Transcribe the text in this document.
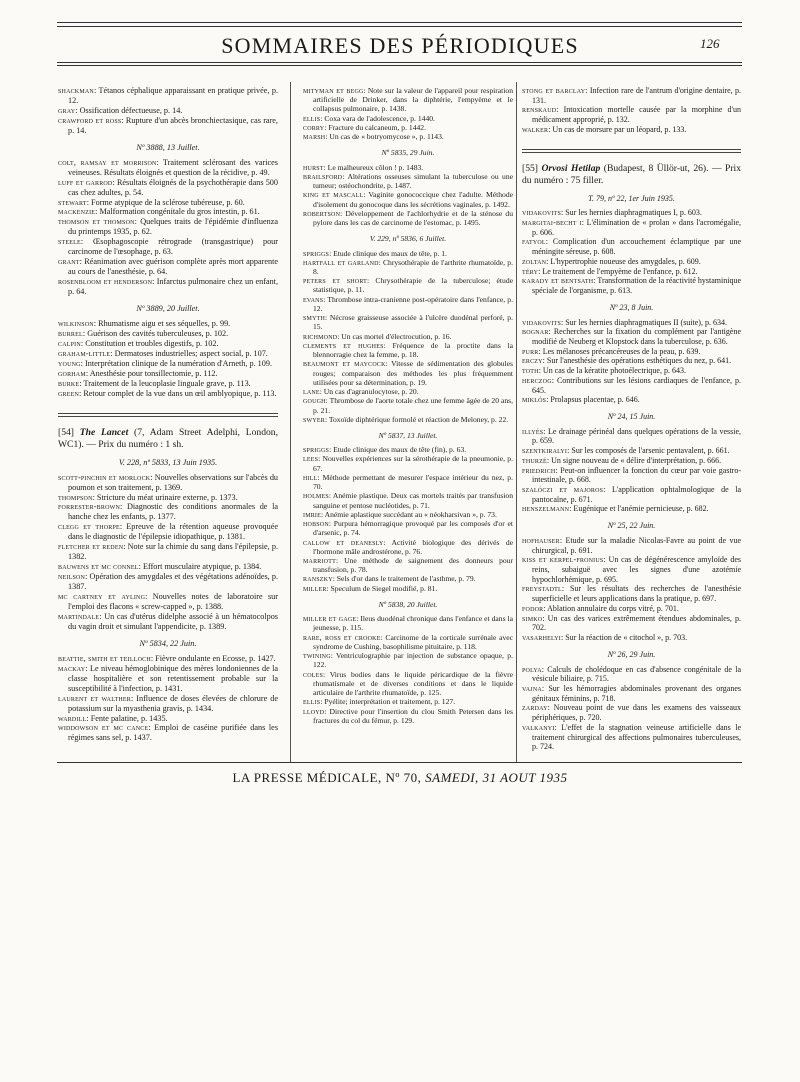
SOMMAIRES DES PÉRIODIQUES	126

shackman: Tétanos céphalique apparaissant en pratique privée, p. 12.

gray: Ossification défectueuse, p. 14.

crawford et ross: Rupture d'un abcès bronchiectasique, cas rare, p. 14.

Nº 3888, 13 Juillet.

colt, ramsay et morrison: Traitement sclérosant des varices veineuses. Résultats éloignés et question de la récidive, p. 49.

luff et garrod: Résultats éloignés de la psychothérapie dans 500 cas chez adultes, p. 54.

stewart: Forme atypique de la sclérose tubéreuse, p. 60.

mackenzie: Malformation congénitale du gros intestin, p. 61.

thomson et thomson: Quelques traits de l'épidémie d'influenza du printemps 1935, p. 62.

steele: Œsophagoscopie rétrograde (transgastrique) pour carcinome de l'œsophage, p. 63.

grant: Réanimation avec guérison complète après mort apparente au cours de l'anesthésie, p. 64.

rosenbloom et henderson: Infarctus pulmonaire chez un enfant, p. 64.

Nº 3889, 20 Juillet.

wilkinson: Rhumatisme aigu et ses séquelles, p. 99.

burrel: Guérison des cavités tuberculeuses, p. 102.

calpin: Constitution et troubles digestifs, p. 102.

graham-little: Dermatoses industrielles; aspect social, p. 107.

young: Interprétation clinique de la numération d'Arneth, p. 109.

gorham: Anesthésie pour tonsillectomie, p. 112.

burke: Traitement de la leucoplasie linguale grave, p. 113.

green: Retour complet de la vue dans un œil amblyopique, p. 113.

[54] The Lancet (7, Adam Street Adelphi, London, WC1). — Prix du numéro : 1 sh.
V. 228, nº 5833, 13 Juin 1935.

scott-pinchin et morlock: Nouvelles observations sur l'abcès du poumon et son traitement, p. 1369.

thompson: Stricture du méat urinaire externe, p. 1373.

forrester-brown: Diagnostic des conditions anormales de la hanche chez les enfants, p. 1377.

clegg et thorpe: Epreuve de la rétention aqueuse provoquée dans le diagnostic de l'épilepsie idiopathique, p. 1381.

fletcher et reden: Note sur la chimie du sang dans l'épilepsie, p. 1382.

bauwens et mc connel: Effort musculaire atypique, p. 1384.

neilson: Opération des amygdales et des végétations adénoïdes, p. 1387.

mc cartney et ayling: Nouvelles notes de laboratoire sur l'emploi des flacons « screw-capped », p. 1388.

martindale: Un cas d'utérus didelphe associé à un hématocolpos du vagin droit et simulant l'appendicite, p. 1389.

Nº 5834, 22 Juin.

beattie, smith et teilloch: Fièvre ondulante en Ecosse, p. 1427.

mackay: Le niveau hémoglobinique des mères londoniennes de la classe hospitalière et son retentissement probable sur la susceptibilité à l'infection, p. 1431.

laurent et walther: Influence de doses élevées de chlorure de potassium sur la myasthenia gravis, p. 1434.

wardill: Fente palatine, p. 1435.

widdowson et mc cance: Emploi de caséine purifiée dans les régimes sans sel, p. 1437.

mityman et begg: Note sur la valeur de l'appareil pour respiration artificielle de Drinker, dans la diphtérie, l'empyème et le collapsus pulmonaire, p. 1438.

ellis: Coxa vara de l'adolescence, p. 1440.

corry: Fracture du calcaneum, p. 1442.

marsh: Un cas de « botryomycose », p. 1143.

Nº 5835, 29 Juin.

hurst: Le malheureux côlon ! p. 1483.

brailsford: Altérations osseuses simulant la tuberculose ou une tumeur; ostéochondrite, p. 1487.

king et mascall: Vaginite gonococcique chez l'adulte. Méthode d'isolement du gonocoque dans les sécrétions vaginales, p. 1492.

robertson: Développement de l'achlorhydrie et de la sténose du pylore dans les cas de carcinome de l'estomac, p. 1495.

V. 229, nº 5836, 6 Juillet.

spriggs: Etude clinique des maux de tête, p. 1.

hartfall et garland: Chrysothérapie de l'arthrite rhumatoïde, p. 8.

peters et short: Chrysothérapie de la tuberculose; étude statistique, p. 11.

evans: Thrombose intra-cranienne post-opératoire dans l'enfance, p. 12.

smyth: Nécrose graisseuse associée à l'ulcère duodénal perforé, p. 15.

richmond: Un cas mortel d'électrocution, p. 16.

clements et hughes: Fréquence de la proctite dans la blennorragie chez la femme, p. 18.

beaumont et maycock: Vitesse de sédimentation des globules rouges; comparaison des méthodes les plus fréquemment utilisées pour sa détermination, p. 19.

lane: Un cas d'agranulocytose, p. 20.

gough: Thrombose de l'aorte totale chez une femme âgée de 20 ans, p. 21.

swyer: Toxoïde diphtérique formolé et réaction de Meloney, p. 22.

Nº 5837, 13 Juillet.

spriggs: Etude clinique des maux de tête (fin), p. 63.

lees: Nouvelles expériences sur la sérothérapie de la pneumonie, p. 67.

hill: Méthode permettant de mesurer l'espace intérieur du nez, p. 70.

holmes: Anémie plastique. Deux cas mortels traités par transfusion sanguine et pentose nucléotides, p. 71.

imrie: Anémie aplastique succédant au « néokharsivan », p. 73.

hobson: Purpura hémorragique provoqué par les composés d'or et d'arsenic, p. 74.

callow et deanesly: Activité biologique des dérivés de l'hormone mâle androstérone, p. 76.

marriott: Une méthode de saignement des donneurs pour transfusion, p. 78.

ranszky: Sels d'or dans le traitement de l'asthme, p. 79.

miller: Speculum de Siegel modifié, p. 81.

Nº 5838, 20 Juillet.

miller et gage: Ileus duodénal chronique dans l'enfance et dans la jeunesse, p. 115.

rare, ross et crooke: Carcinome de la corticale surrénale avec syndrome de Cushing, basophilisme pituitaire, p. 118.

twining: Ventriculographie par injection de substance opaque, p. 122.

coles: Virus bodies dans le liquide péricardique de la fièvre rhumatismale et de diverses conditions et dans le liquide articulaire de l'arthrite rhumatoïde, p. 125.

ellis: Pyélite; interprétation et traitement, p. 127.

lloyd: Directive pour l'insertion du clou Smith Petersen dans les fractures du col du fémur, p. 129.

stong et barclay: Infection rare de l'antrum d'origine dentaire, p. 131.

renskaud: Intoxication mortelle causée par la morphine d'un médicament approprié, p. 132.

walker: Un cas de morsure par un léopard, p. 133.

[55] Orvosi Hetilap (Budapest, 8 Üllör-ut, 26). — Prix du numéro : 75 filler.
T. 79, nº 22, 1er Juin 1935.

vidakovits: Sur les hernies diaphragmatiques I, p. 603.

margitai-becht i: L'élimination de « prolan » dans l'acromégalie, p. 606.

fatyol: Complication d'un accouchement éclamptique par une méningite séreuse, p. 608.

zoltan: L'hypertrophie noueuse des amygdales, p. 609.

téry: Le traitement de l'empyème de l'enfance, p. 612.

karady et bentsath: Transformation de la réactivité hystaminique spéciale de l'organisme, p. 613.

Nº 23, 8 Juin.

vidakovits: Sur les hernies diaphragmatiques II (suite), p. 634.

bognar: Recherches sur la fixation du complément par l'antigène modifié de Neuberg et Klopstock dans la tuberculose, p. 636.

purr: Les mélanoses précancéreuses de la peau, p. 639.

erczy: Sur l'anesthésie des opérations esthétiques du nez, p. 641.

toth: Un cas de la kératite photoélectrique, p. 643.

herczog: Contributions sur les lésions cardiaques de l'enfance, p. 645.

miklós: Prolapsus placentae, p. 646.

Nº 24, 15 Juin.

illyés: Le drainage périnéal dans quelques opérations de la vessie, p. 659.

szentkiralyi: Sur les composés de l'arsenic pentavalent, p. 661.

thurzé: Un signe nouveau de « délire d'interprétation, p. 666.

friedrich: Peut-on influencer la fonction du cœur par voie gastro-intestinale, p. 668.

szalóczi et majoros: L'application ophtalmologique de la pantocaïne, p. 671.

henszelmann: Eugénique et l'anémie pernicieuse, p. 682.

Nº 25, 22 Juin.

hofhauser: Etude sur la maladie Nicolas-Favre au point de vue chirurgical, p. 691.

kiss et kerpel-fronius: Un cas de dégénérescence amyloïde des reins, subaiguë avec les signes d'une azotémie hypochlorhémique, p. 695.

freystadtl: Sur les résultats des recherches de l'anesthésie superficielle et leurs applications dans la pratique, p. 697.

fodor: Ablation annulaire du corps vitré, p. 701.

simko: Un cas des varices extrêmement étendues abdominales, p. 702.

vasarhelyi: Sur la réaction de « citochol », p. 703.

Nº 26, 29 Juin.

polya: Calculs de cholédoque en cas d'absence congénitale de la vésicule biliaire, p. 715.

vajna: Sur les hémorragies abdominales provenant des organes génitaux féminins, p. 718.

zarday: Nouveau point de vue dans les examens des vaisseaux périphériques, p. 720.

valkanyi: L'effet de la stagnation veineuse artificielle dans le traitement chirurgical des affections pulmonaires tuberculeuses, p. 724.

LA PRESSE MÉDICALE, Nº 70, SAMEDI, 31 AOUT 1935
